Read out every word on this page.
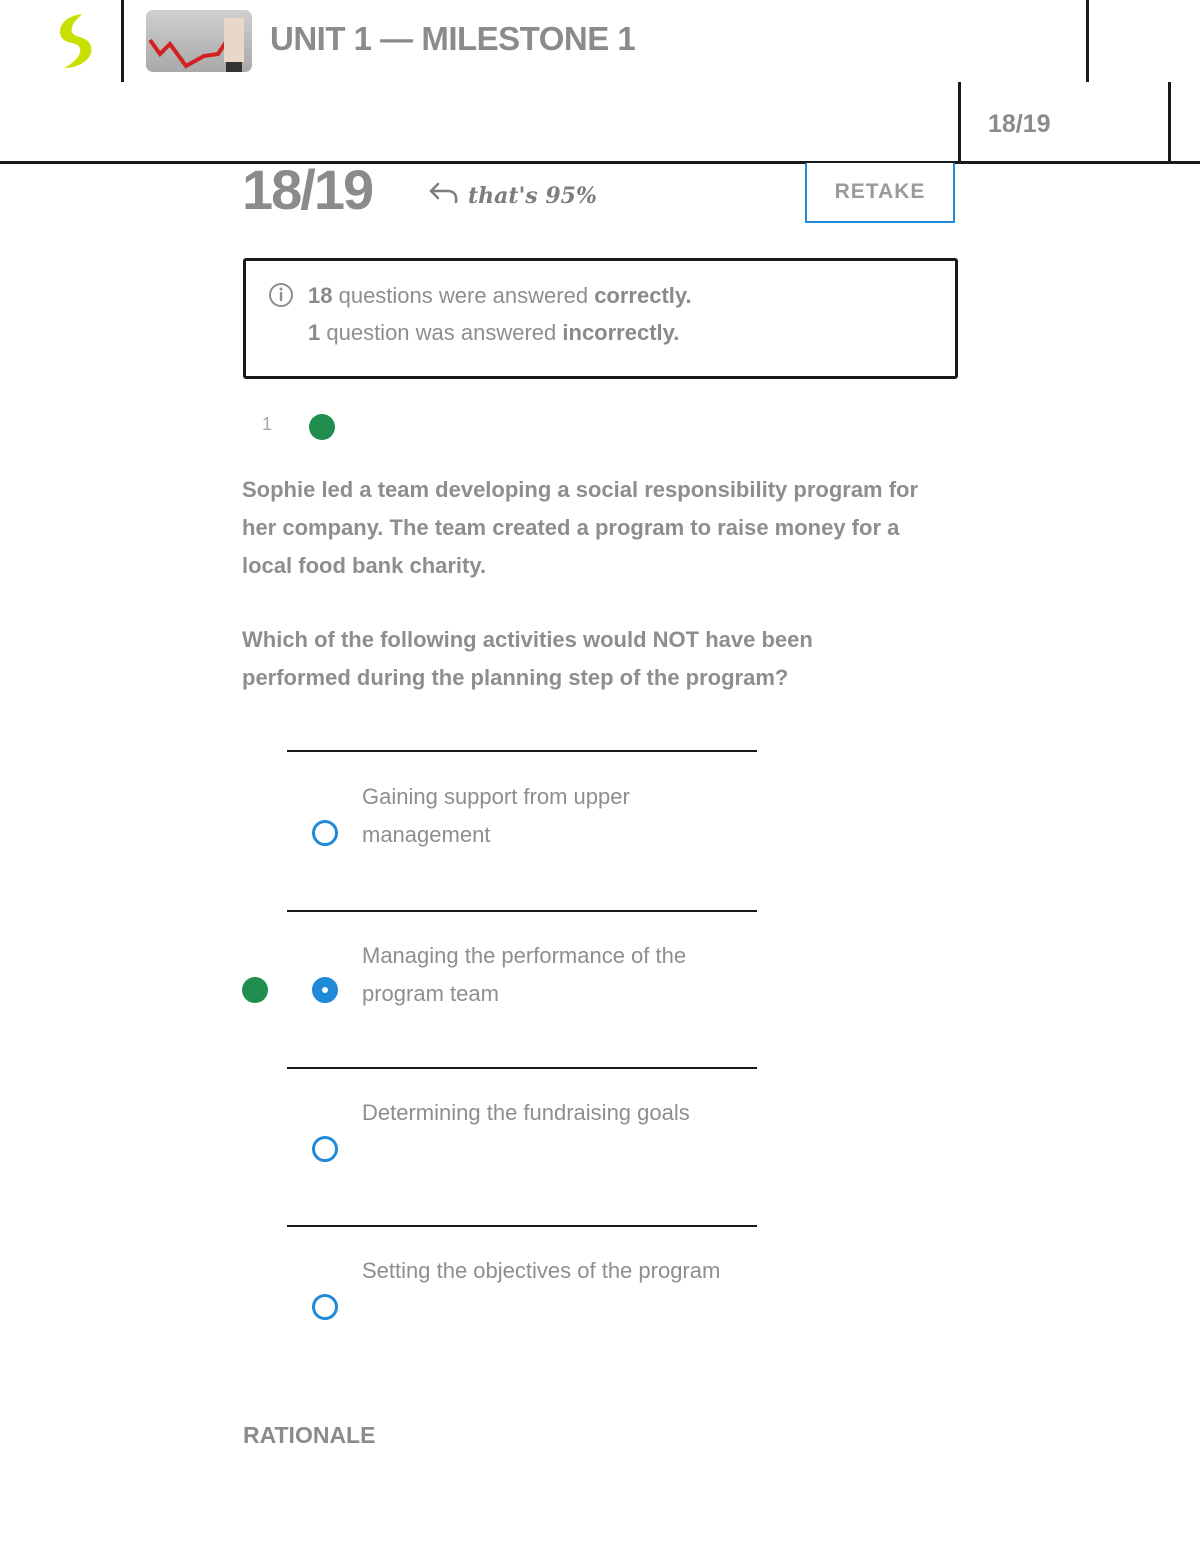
UNIT 1 — MILESTONE 1
18/19
18/19	that's 95%	RETAKE
18 questions were answered correctly.
1 question was answered incorrectly.
1
Sophie led a team developing a social responsibility program for her company. The team created a program to raise money for a local food bank charity.
Which of the following activities would NOT have been performed during the planning step of the program?
Gaining support from upper management
Managing the performance of the program team
Determining the fundraising goals
Setting the objectives of the program
RATIONALE
